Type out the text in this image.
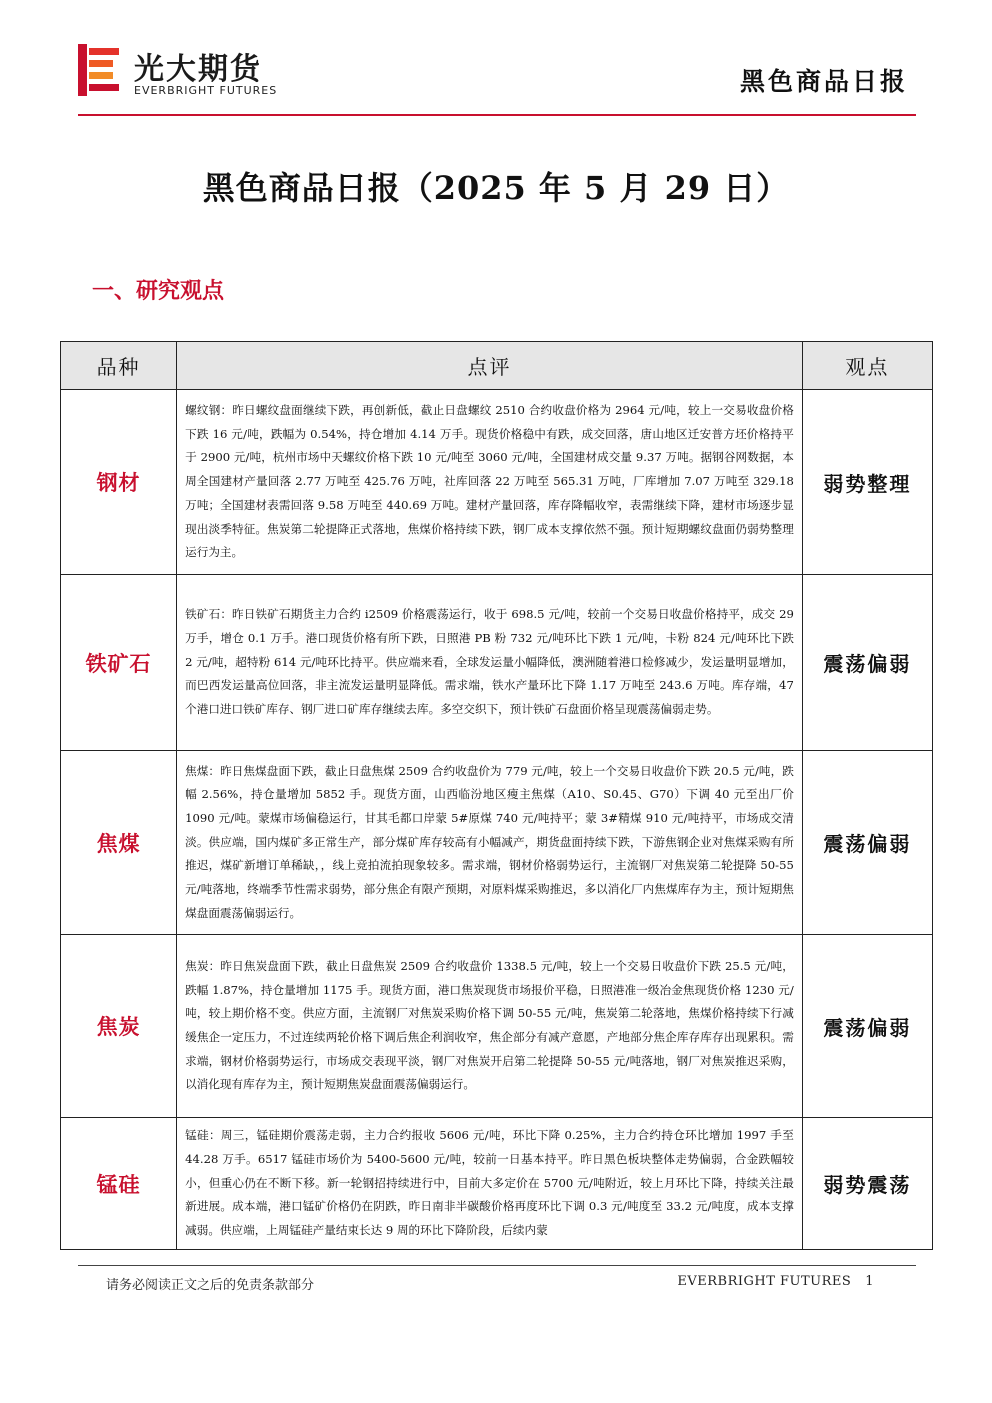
光大期货
EVERBRIGHT FUTURES	黑色商品日报
黑色商品日报（2025 年 5 月 29 日）
一、研究观点
品种	点评	观点
钢材	螺纹钢：昨日螺纹盘面继续下跌，再创新低，截止日盘螺纹 2510 合约收盘价格为 2964 元/吨，较上一交易收盘价格下跌 16 元/吨，跌幅为 0.54%，持仓增加 4.14 万手。现货价格稳中有跌，成交回落，唐山地区迁安普方坯价格持平于 2900 元/吨，杭州市场中天螺纹价格下跌 10 元/吨至 3060 元/吨，全国建材成交量 9.37 万吨。据钢谷网数据，本周全国建材产量回落 2.77 万吨至 425.76 万吨，社库回落 22 万吨至 565.31 万吨，厂库增加 7.07 万吨至 329.18 万吨；全国建材表需回落 9.58 万吨至 440.69 万吨。建材产量回落，库存降幅收窄，表需继续下降，建材市场逐步显现出淡季特征。焦炭第二轮提降正式落地，焦煤价格持续下跌，钢厂成本支撑依然不强。预计短期螺纹盘面仍弱势整理运行为主。	弱势整理
铁矿石	铁矿石：昨日铁矿石期货主力合约 i2509 价格震荡运行，收于 698.5 元/吨，较前一个交易日收盘价格持平，成交 29 万手，增仓 0.1 万手。港口现货价格有所下跌，日照港 PB 粉 732 元/吨环比下跌 1 元/吨，卡粉 824 元/吨环比下跌 2 元/吨，超特粉 614 元/吨环比持平。供应端来看，全球发运量小幅降低，澳洲随着港口检修减少，发运量明显增加，而巴西发运量高位回落，非主流发运量明显降低。需求端，铁水产量环比下降 1.17 万吨至 243.6 万吨。库存端，47 个港口进口铁矿库存、钢厂进口矿库存继续去库。多空交织下，预计铁矿石盘面价格呈现震荡偏弱走势。	震荡偏弱
焦煤	焦煤：昨日焦煤盘面下跌，截止日盘焦煤 2509 合约收盘价为 779 元/吨，较上一个交易日收盘价下跌 20.5 元/吨，跌幅 2.56%，持仓量增加 5852 手。现货方面，山西临汾地区瘦主焦煤（A10、S0.45、G70）下调 40 元至出厂价 1090 元/吨。蒙煤市场偏稳运行，甘其毛都口岸蒙 5#原煤 740 元/吨持平；蒙 3#精煤 910 元/吨持平，市场成交清淡。供应端，国内煤矿多正常生产，部分煤矿库存较高有小幅减产，期货盘面持续下跌，下游焦钢企业对焦煤采购有所推迟，煤矿新增订单稀缺，，线上竞拍流拍现象较多。需求端，钢材价格弱势运行，主流钢厂对焦炭第二轮提降 50-55 元/吨落地，终端季节性需求弱势，部分焦企有限产预期，对原料煤采购推迟，多以消化厂内焦煤库存为主，预计短期焦煤盘面震荡偏弱运行。	震荡偏弱
焦炭	焦炭：昨日焦炭盘面下跌，截止日盘焦炭 2509 合约收盘价 1338.5 元/吨，较上一个交易日收盘价下跌 25.5 元/吨，跌幅 1.87%，持仓量增加 1175 手。现货方面，港口焦炭现货市场报价平稳，日照港准一级冶金焦现货价格 1230 元/吨，较上期价格不变。供应方面，主流钢厂对焦炭采购价格下调 50-55 元/吨，焦炭第二轮落地，焦煤价格持续下行减缓焦企一定压力，不过连续两轮价格下调后焦企利润收窄，焦企部分有减产意愿，产地部分焦企库存库存出现累积。需求端，钢材价格弱势运行，市场成交表现平淡，钢厂对焦炭开启第二轮提降 50-55 元/吨落地，钢厂对焦炭推迟采购，以消化现有库存为主，预计短期焦炭盘面震荡偏弱运行。	震荡偏弱
锰硅	锰硅：周三，锰硅期价震荡走弱，主力合约报收 5606 元/吨，环比下降 0.25%，主力合约持仓环比增加 1997 手至 44.28 万手。6517 锰硅市场价为 5400-5600 元/吨，较前一日基本持平。昨日黑色板块整体走势偏弱，合金跌幅较小，但重心仍在不断下移。新一轮钢招持续进行中，目前大多定价在 5700 元/吨附近，较上月环比下降，持续关注最新进展。成本端，港口锰矿价格仍在阴跌，昨日南非半碳酸价格再度环比下调 0.3 元/吨度至 33.2 元/吨度，成本支撑减弱。供应端，上周锰硅产量结束长达 9 周的环比下降阶段，后续内蒙	弱势震荡
请务必阅读正文之后的免责条款部分	EVERBRIGHT FUTURES 1
